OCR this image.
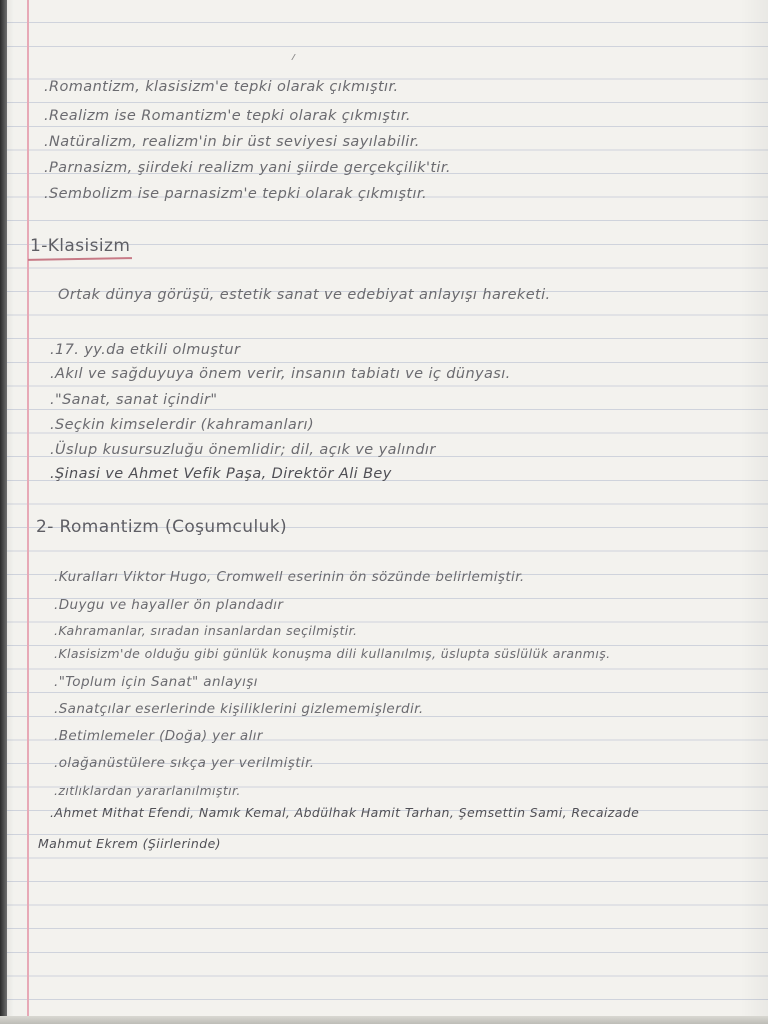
.Romantizm, klasisizm'e tepki olarak çıkmıştır.
.Realizm ise Romantizm'e tepki olarak çıkmıştır.
.Natüralizm, realizm'in bir üst seviyesi sayılabilir.
.Parnasizm, şiirdeki realizm yani şiirde gerçekçilik'tir.
.Sembolizm ise parnasizm'e tepki olarak çıkmıştır.
1-Klasisizm
Ortak dünya görüşü, estetik sanat ve edebiyat anlayışı hareketi.
.17. yy.da etkili olmuştur
.Akıl ve sağduyuya önem verir, insanın tabiatı ve iç dünyası.
."Sanat, sanat içindir"
.Seçkin kimselerdir (kahramanları)
.Üslup kusursuzluğu önemlidir; dil, açık ve yalındır
.Şinasi ve Ahmet Vefik Paşa, Direktör Ali Bey
2- Romantizm (Coşumculuk)
.Kuralları Viktor Hugo, Cromwell eserinin ön sözünde belirlemiştir.
.Duygu ve hayaller ön plandadır
.Kahramanlar, sıradan insanlardan seçilmiştir.
.Klasisizm'de olduğu gibi günlük konuşma dili kullanılmış, üslupta süslülük aranmış.
."Toplum için Sanat" anlayışı
.Sanatçılar eserlerinde kişiliklerini gizlememişlerdir.
.Betimlemeler (Doğa) yer alır
.olağanüstülere sıkça yer verilmiştir.
.zıtlıklardan yararlanılmıştır.
.Ahmet Mithat Efendi, Namık Kemal, Abdülhak Hamit Tarhan, Şemsettin Sami, Recaizade
Mahmut Ekrem (Şiirlerinde)
